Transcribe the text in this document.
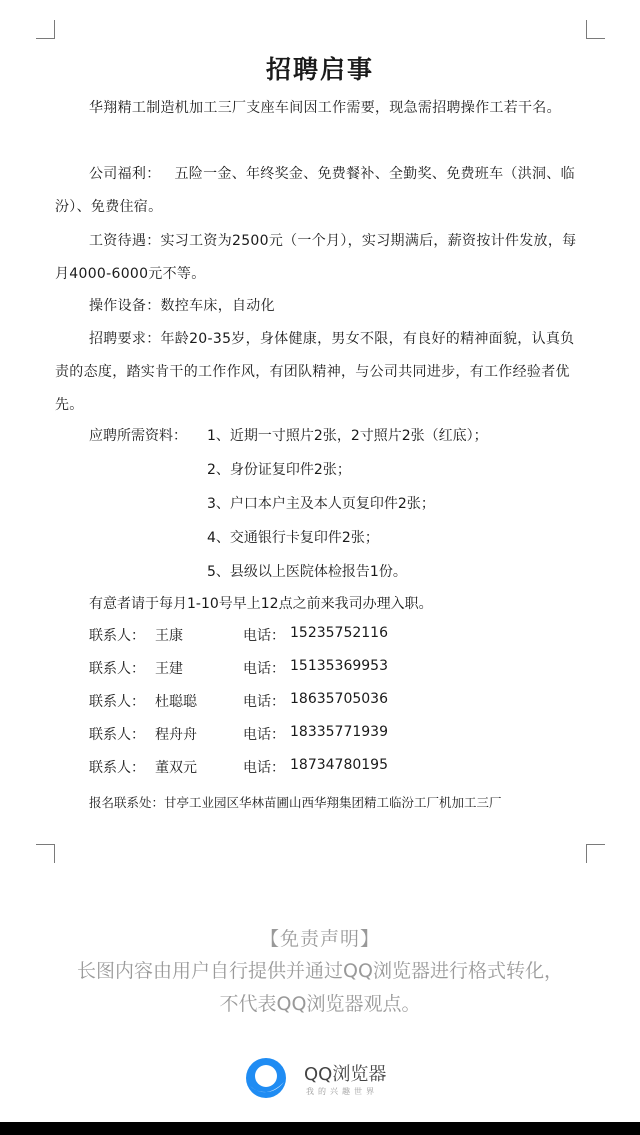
招聘启事
华翔精工制造机加工三厂支座车间因工作需要，现急需招聘操作工若干名。
公司福利： 五险一金、年终奖金、免费餐补、全勤奖、免费班车（洪洞、临汾）、免费住宿。
工资待遇：实习工资为2500元（一个月），实习期满后，薪资按计件发放，每月4000-6000元不等。
操作设备：数控车床，自动化
招聘要求：年龄20-35岁，身体健康，男女不限，有良好的精神面貌，认真负责的态度，踏实肯干的工作作风，有团队精神，与公司共同进步，有工作经验者优先。
应聘所需资料： 1、近期一寸照片2张，2寸照片2张（红底）；
2、身份证复印件2张；
3、户口本户主及本人页复印件2张；
4、交通银行卡复印件2张；
5、县级以上医院体检报告1份。
有意者请于每月1-10号早上12点之前来我司办理入职。
联系人： 王康	电话： 15235752116
联系人： 王建	电话： 15135369953
联系人： 杜聪聪	电话： 18635705036
联系人： 程舟舟	电话： 18335771939
联系人： 董双元	电话： 18734780195
报名联系处：甘亭工业园区华林苗圃山西华翔集团精工临汾工厂机加工三厂
【免责声明】
长图内容由用户自行提供并通过QQ浏览器进行格式转化，
不代表QQ浏览器观点。
QQ浏览器
我的兴趣世界
